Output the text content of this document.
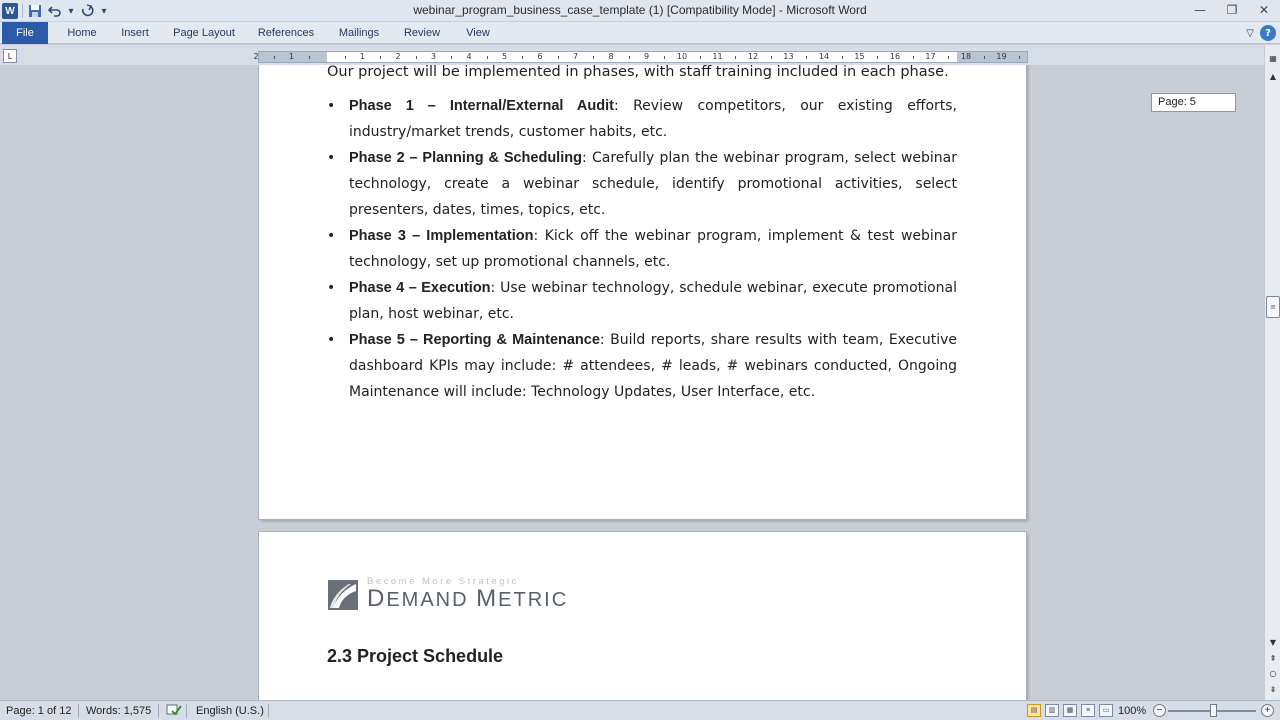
W	▾	▾	webinar_program_business_case_template (1) [Compatibility Mode] - Microsoft Word	—	❐	✕
File	Home	Insert	Page Layout	References	Mailings	Review	View	▽	?
L	2	1	1	2	3	4	5	6	7	8	9	10	11	12	13	14	15	16	17	18	19
Our project will be implemented in phases, with staff training included in each phase.
• Phase 1 – Internal/External Audit: Review competitors, our existing efforts, industry/market trends, customer habits, etc.
• Phase 2 – Planning & Scheduling: Carefully plan the webinar program, select webinar technology, create a webinar schedule, identify promotional activities, select presenters, dates, times, topics, etc.
• Phase 3 – Implementation: Kick off the webinar program, implement & test webinar technology, set up promotional channels, etc.
• Phase 4 – Execution: Use webinar technology, schedule webinar, execute promotional plan, host webinar, etc.
• Phase 5 – Reporting & Maintenance: Build reports, share results with team, Executive dashboard KPIs may include: # attendees, # leads, # webinars conducted, Ongoing Maintenance will include: Technology Updates, User Interface, etc.
Become More Strategic
DEMAND METRIC
2.3 Project Schedule
Page: 5
▦
▲
≡
▼
⇞
○
⇟
Page: 1 of 12 Words: 1,575	English (U.S.)	▤	▥	▦	≡	▭ 100%	−	+
